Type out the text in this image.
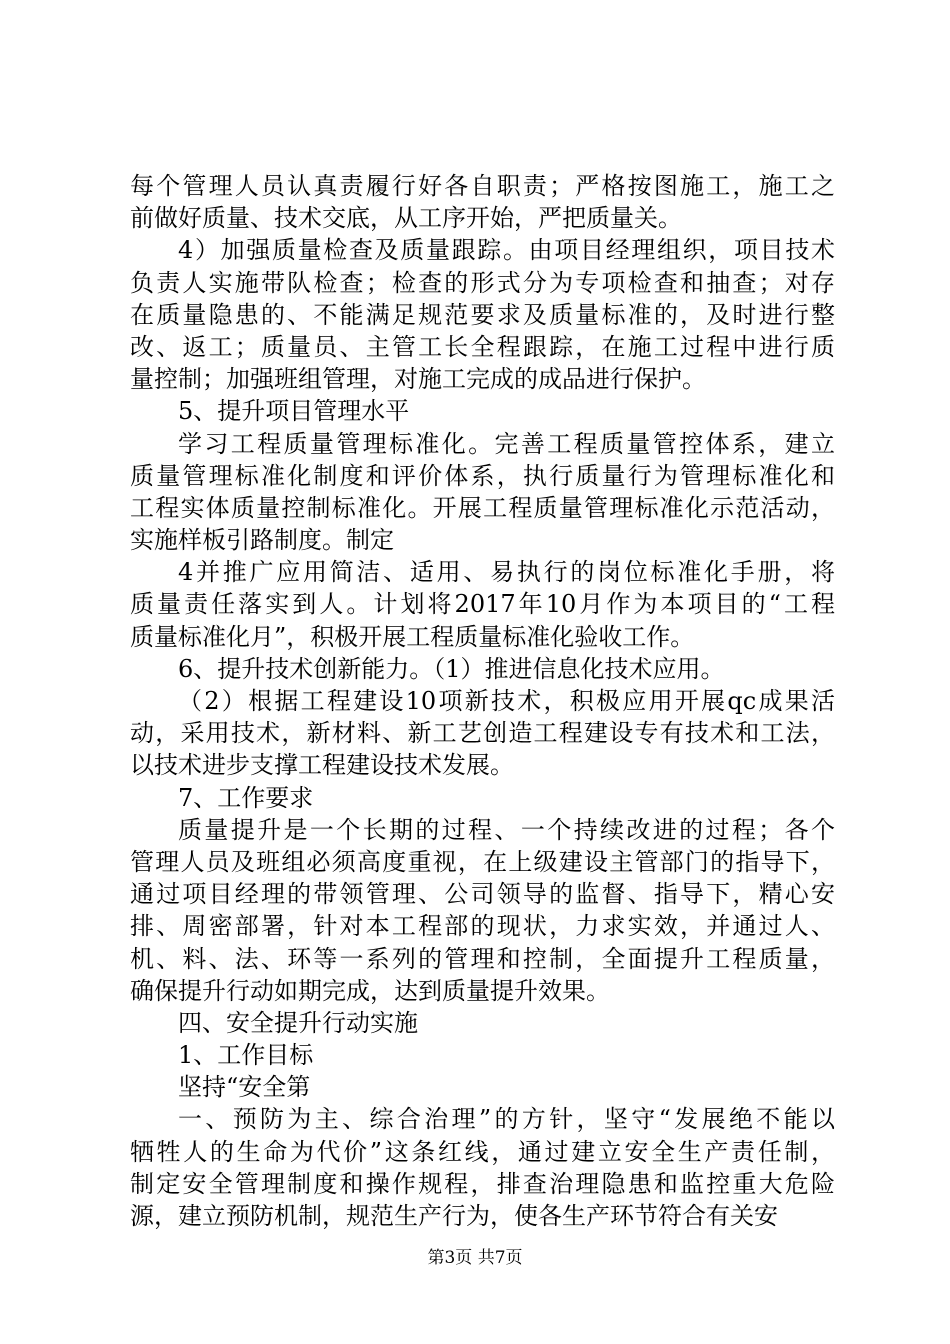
每个管理人员认真责履行好各自职责；严格按图施工，施工之
前做好质量、技术交底，从工序开始，严把质量关。
4）加强质量检查及质量跟踪。由项目经理组织，项目技术
负责人实施带队检查；检查的形式分为专项检查和抽查；对存
在质量隐患的、不能满足规范要求及质量标准的，及时进行整
改、返工；质量员、主管工长全程跟踪，在施工过程中进行质
量控制；加强班组管理，对施工完成的成品进行保护。
5、提升项目管理水平
学习工程质量管理标准化。完善工程质量管控体系，建立
质量管理标准化制度和评价体系，执行质量行为管理标准化和
工程实体质量控制标准化。开展工程质量管理标准化示范活动，
实施样板引路制度。制定
4并推广应用简洁、适用、易执行的岗位标准化手册，将
质量责任落实到人。计划将2017年10月作为本项目的“工程
质量标准化月”，积极开展工程质量标准化验收工作。
6、提升技术创新能力。（1）推进信息化技术应用。
（2）根据工程建设10项新技术，积极应用开展qc成果活
动，采用技术，新材料、新工艺创造工程建设专有技术和工法，
以技术进步支撑工程建设技术发展。
7、工作要求
质量提升是一个长期的过程、一个持续改进的过程；各个
管理人员及班组必须高度重视，在上级建设主管部门的指导下，
通过项目经理的带领管理、公司领导的监督、指导下，精心安
排、周密部署，针对本工程部的现状，力求实效，并通过人、
机、料、法、环等一系列的管理和控制，全面提升工程质量，
确保提升行动如期完成，达到质量提升效果。
四、安全提升行动实施
1、工作目标
坚持“安全第
一、预防为主、综合治理”的方针，坚守“发展绝不能以
牺牲人的生命为代价”这条红线，通过建立安全生产责任制，
制定安全管理制度和操作规程，排查治理隐患和监控重大危险
源，建立预防机制，规范生产行为，使各生产环节符合有关安
第3页 共7页
